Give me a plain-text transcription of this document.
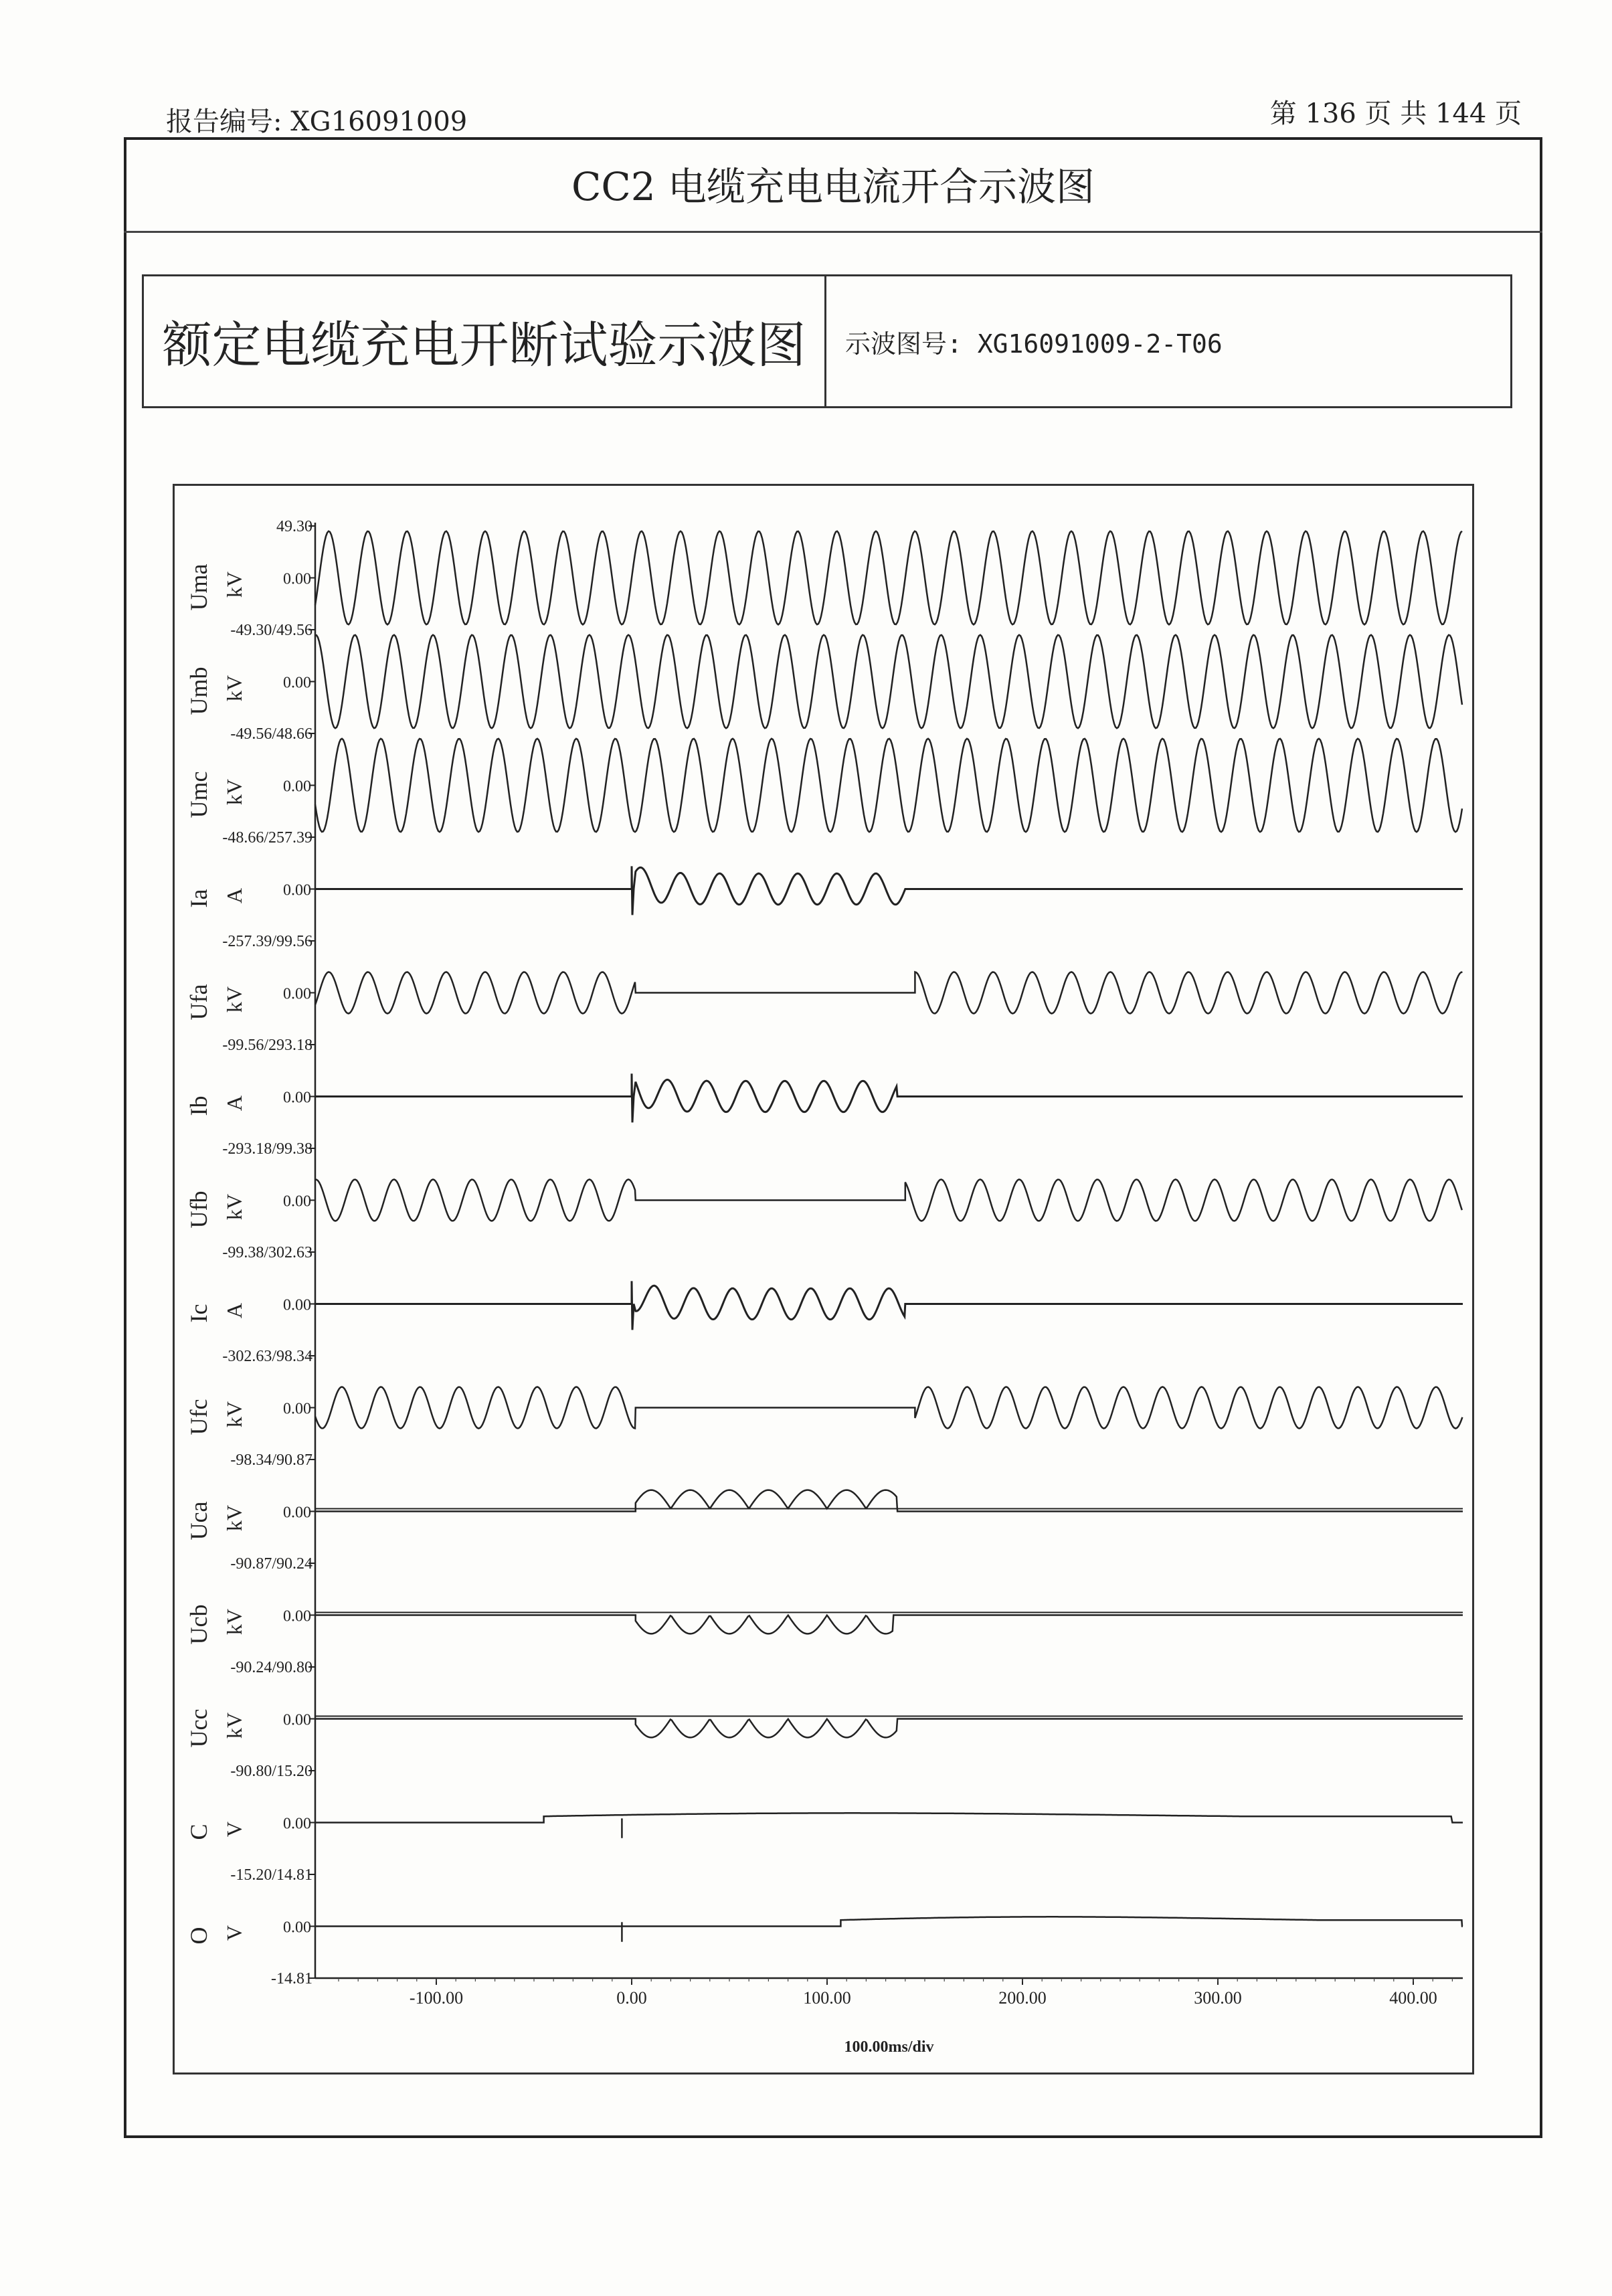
报告编号: XG16091009	第 136 页 共 144 页
CC2 电缆充电电流开合示波图
额定电缆充电开断试验示波图	示波图号: XG16091009-2-T06
49.30
-49.30/49.56
-49.56/48.66
-48.66/257.39
-257.39/99.56
-99.56/293.18
-293.18/99.38
-99.38/302.63
-302.63/98.34
-98.34/90.87
-90.87/90.24
-90.24/90.80
-90.80/15.20
-15.20/14.81
-14.81
Uma kV 0.00
Umb kV 0.00
Umc kV 0.00
Ia A 0.00
Ufa kV 0.00
Ib A 0.00
Ufb kV 0.00
Ic A 0.00
Ufc kV 0.00
Uca kV 0.00
Ucb kV 0.00
Ucc kV 0.00
C V 0.00
O V 0.00
-100.00	0.00	100.00	200.00	300.00	400.00
100.00ms/div
